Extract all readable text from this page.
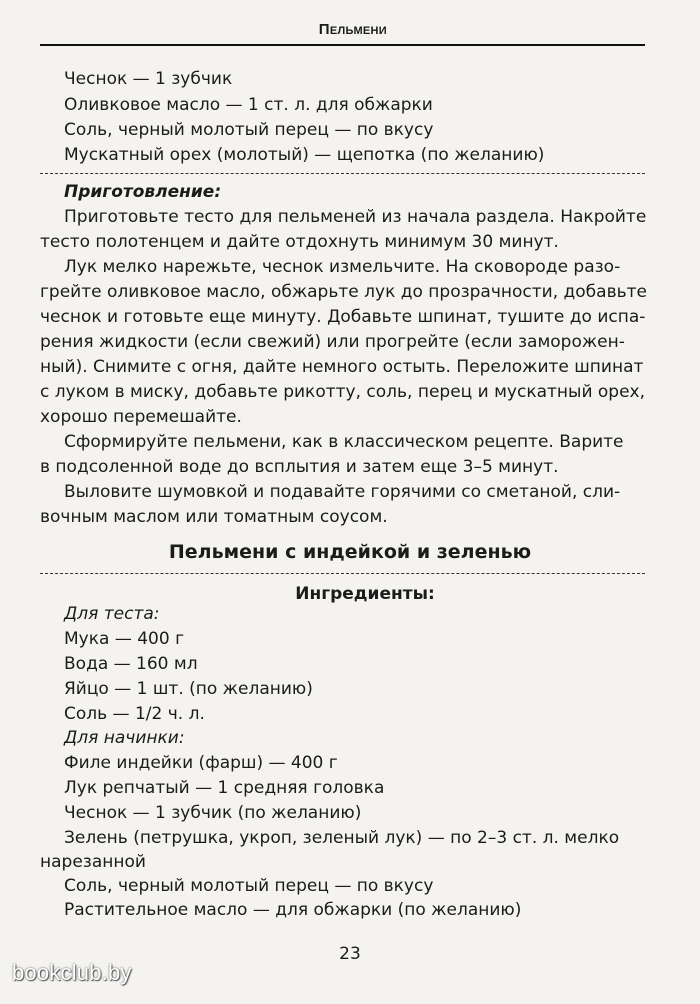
Пельмени
Чеснок — 1 зубчик
Оливковое масло — 1 ст. л. для обжарки
Соль, черный молотый перец — по вкусу
Мускатный орех (молотый) — щепотка (по желанию)
Приготовление:
Приготовьте тесто для пельменей из начала раздела. Накройте
тесто полотенцем и дайте отдохнуть минимум 30 минут.
Лук мелко нарежьте, чеснок измельчите. На сковороде разо-
грейте оливковое масло, обжарьте лук до прозрачности, добавьте
чеснок и готовьте еще минуту. Добавьте шпинат, тушите до испа-
рения жидкости (если свежий) или прогрейте (если заморожен-
ный). Снимите с огня, дайте немного остыть. Переложите шпинат
с луком в миску, добавьте рикотту, соль, перец и мускатный орех,
хорошо перемешайте.
Сформируйте пельмени, как в классическом рецепте. Варите
в подсоленной воде до всплытия и затем еще 3–5 минут.
Выловите шумовкой и подавайте горячими со сметаной, сли-
вочным маслом или томатным соусом.
Пельмени с индейкой и зеленью
Ингредиенты:
Для теста:
Мука — 400 г
Вода — 160 мл
Яйцо — 1 шт. (по желанию)
Соль — 1/2 ч. л.
Для начинки:
Филе индейки (фарш) — 400 г
Лук репчатый — 1 средняя головка
Чеснок — 1 зубчик (по желанию)
Зелень (петрушка, укроп, зеленый лук) — по 2–3 ст. л. мелко
нарезанной
Соль, черный молотый перец — по вкусу
Растительное масло — для обжарки (по желанию)
23
bookclub.by
